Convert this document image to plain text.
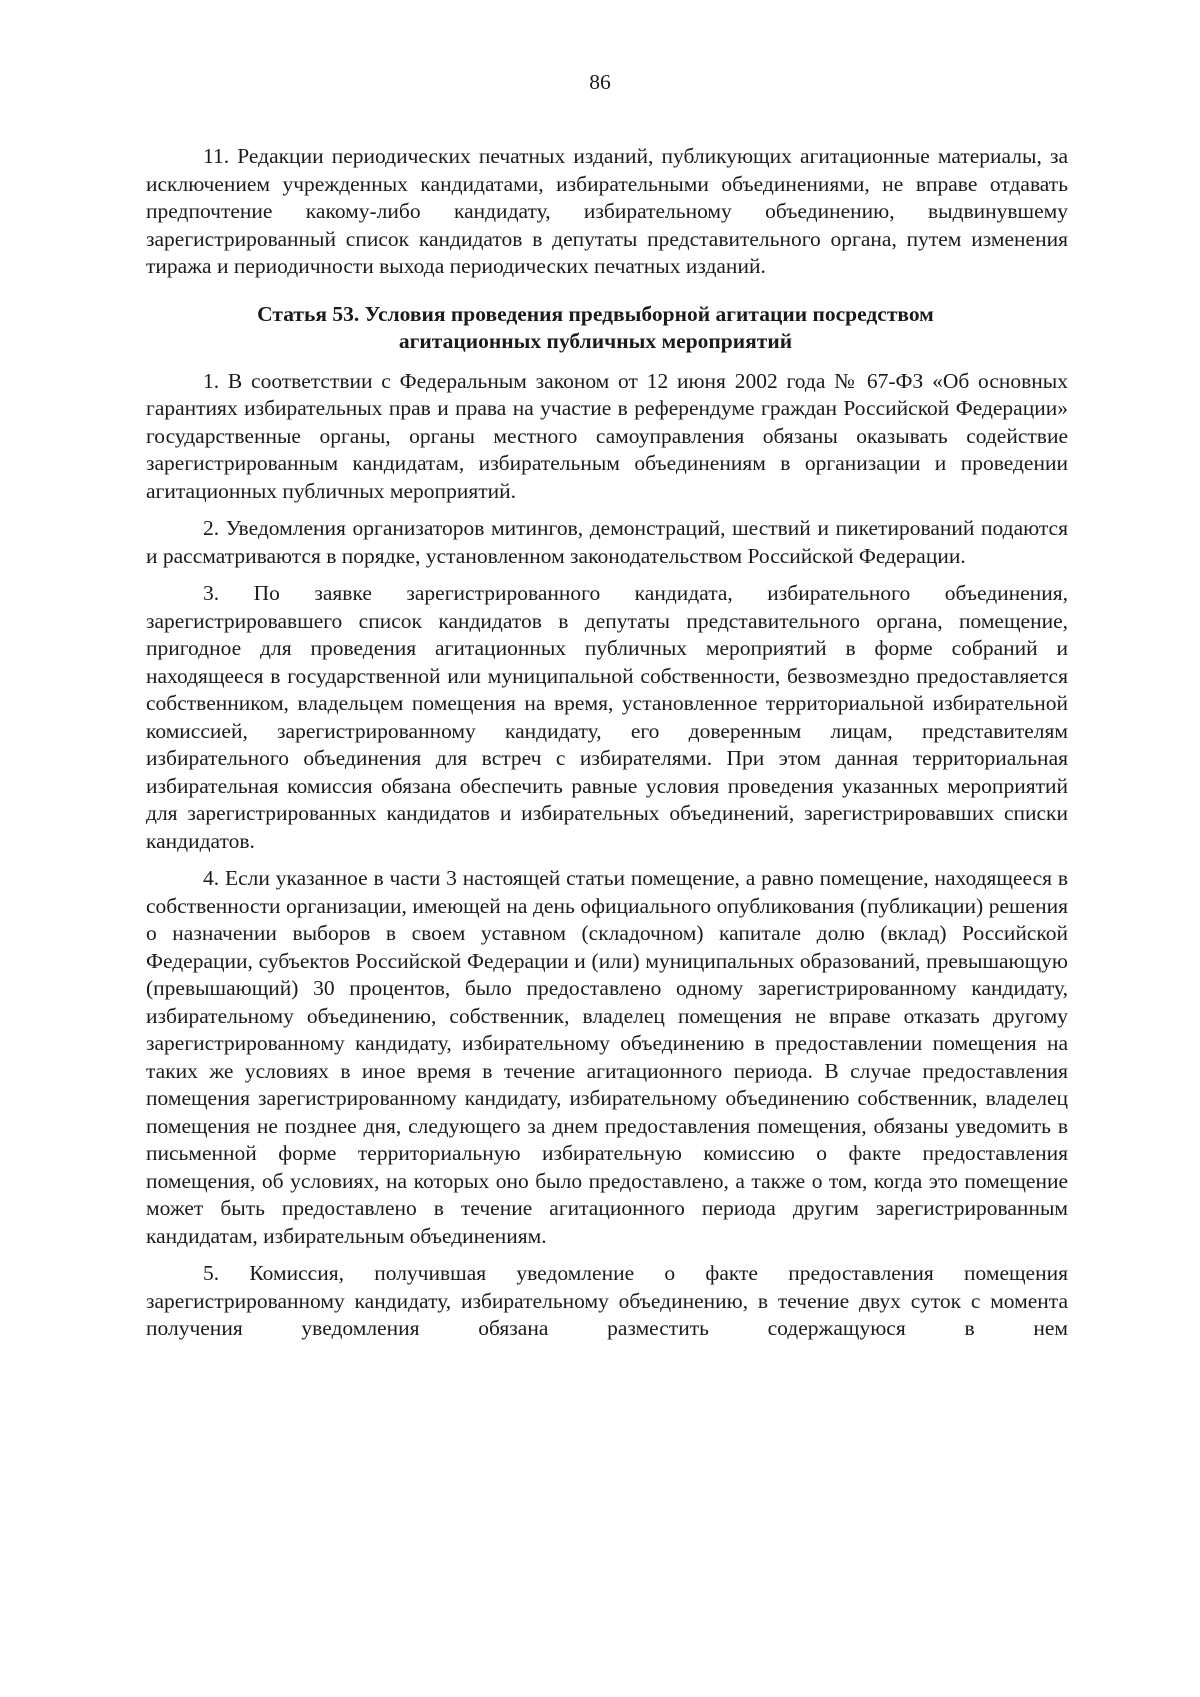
86

11. Редакции периодических печатных изданий, публикующих агитационные материалы, за исключением учрежденных кандидатами, избирательными объединениями, не вправе отдавать предпочтение какому-либо кандидату, избирательному объединению, выдвинувшему зарегистрированный список кандидатов в депутаты представительного органа, путем изменения тиража и периодичности выхода периодических печатных изданий.

Статья 53. Условия проведения предвыборной агитации посредством агитационных публичных мероприятий

1. В соответствии с Федеральным законом от 12 июня 2002 года № 67-ФЗ «Об основных гарантиях избирательных прав и права на участие в референдуме граждан Российской Федерации» государственные органы, органы местного самоуправления обязаны оказывать содействие зарегистрированным кандидатам, избирательным объединениям в организации и проведении агитационных публичных мероприятий.

2. Уведомления организаторов митингов, демонстраций, шествий и пикетирований подаются и рассматриваются в порядке, установленном законодательством Российской Федерации.

3. По заявке зарегистрированного кандидата, избирательного объединения, зарегистрировавшего список кандидатов в депутаты представительного органа, помещение, пригодное для проведения агитационных публичных мероприятий в форме собраний и находящееся в государственной или муниципальной собственности, безвозмездно предоставляется собственником, владельцем помещения на время, установленное территориальной избирательной комиссией, зарегистрированному кандидату, его доверенным лицам, представителям избирательного объединения для встреч с избирателями. При этом данная территориальная избирательная комиссия обязана обеспечить равные условия проведения указанных мероприятий для зарегистрированных кандидатов и избирательных объединений, зарегистрировавших списки кандидатов.

4. Если указанное в части 3 настоящей статьи помещение, а равно помещение, находящееся в собственности организации, имеющей на день официального опубликования (публикации) решения о назначении выборов в своем уставном (складочном) капитале долю (вклад) Российской Федерации, субъектов Российской Федерации и (или) муниципальных образований, превышающую (превышающий) 30 процентов, было предоставлено одному зарегистрированному кандидату, избирательному объединению, собственник, владелец помещения не вправе отказать другому зарегистрированному кандидату, избирательному объединению в предоставлении помещения на таких же условиях в иное время в течение агитационного периода. В случае предоставления помещения зарегистрированному кандидату, избирательному объединению собственник, владелец помещения не позднее дня, следующего за днем предоставления помещения, обязаны уведомить в письменной форме территориальную избирательную комиссию о факте предоставления помещения, об условиях, на которых оно было предоставлено, а также о том, когда это помещение может быть предоставлено в течение агитационного периода другим зарегистрированным кандидатам, избирательным объединениям.

5. Комиссия, получившая уведомление о факте предоставления помещения зарегистрированному кандидату, избирательному объединению, в течение двух суток с момента получения уведомления обязана разместить содержащуюся в нем
